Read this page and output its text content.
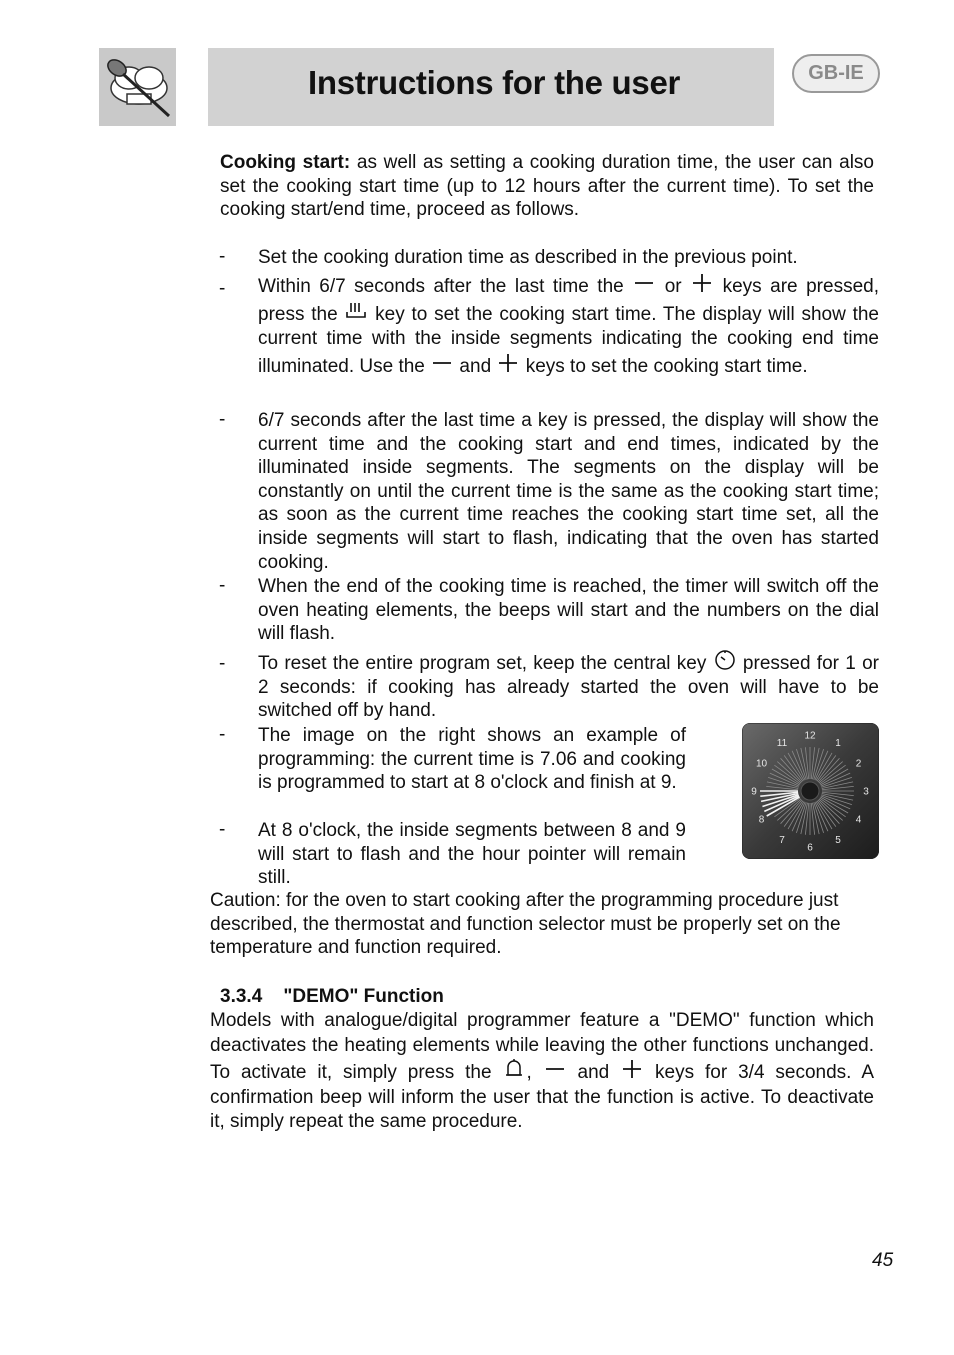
Instructions for the user	GB-IE
Cooking start: as well as setting a cooking duration time, the user can also set the cooking start time (up to 12 hours after the current time). To set the cooking start/end time, proceed as follows.
- Set the cooking duration time as described in the previous point.
- Within 6/7 seconds after the last time the  or  keys are pressed, press the  key to set the cooking start time. The display will show the current time with the inside segments indicating the cooking end time illuminated. Use the  and  keys to set the cooking start time.
- 6/7 seconds after the last time a key is pressed, the display will show the current time and the cooking start and end times, indicated by the illuminated inside segments. The segments on the display will be constantly on until the current time is the same as the cooking start time; as soon as the current time reaches the cooking start time set, all the inside segments will start to flash, indicating that the oven has started cooking.
- When the end of the cooking time is reached, the timer will switch off the oven heating elements, the beeps will start and the numbers on the dial will flash.
- To reset the entire program set, keep the central key  pressed for 1 or 2 seconds: if cooking has already started the oven will have to be switched off by hand.
- The image on the right shows an example of programming: the current time is 7.06 and cooking is programmed to start at 8 o'clock and finish at 9.
- At 8 o'clock, the inside segments between 8 and 9 will start to flash and the hour pointer will remain still.
12
1
2
3
4
5
6
7
8
9
10
11
Caution: for the oven to start cooking after the programming procedure just described, the thermostat and function selector must be properly set on the temperature and function required.
3.3.4    "DEMO" Function
Models with analogue/digital programmer feature a "DEMO" function which deactivates the heating elements while leaving the other functions unchanged. To activate it, simply press the ,  and  keys for 3/4 seconds. A confirmation beep will inform the user that the function is active. To deactivate it, simply repeat the same procedure.
45
